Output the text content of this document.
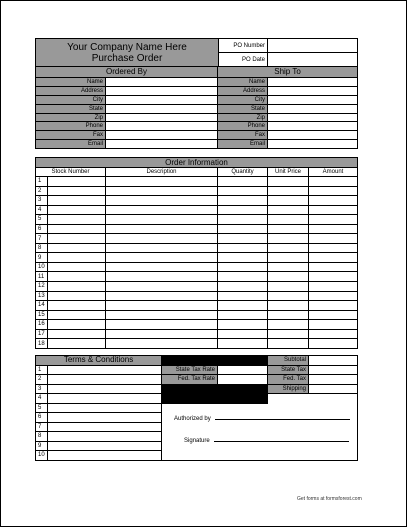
Your Company Name Here
Purchase Order	PO Number	
	PO Date	
Ordered By		Ship To	
Name		Name	
Address		Address	
City		City	
State		State	
Zip		Zip	
Phone		Phone	
Fax		Fax	
Email		Email	
Order Information					
Stock Number		Description	Quantity	Unit Price	Amount
1					
2					
3					
4					
5					
6					
7					
8					
9					
10					
11					
12					
13					
14					
15					
16					
17					
18					
Terms & Conditions				Subtotal		
1		State Tax Rate		State Tax		
2		Fed. Tax Rate		Fed. Tax		
3				Shipping		
4				
5		Authorized by				
6						
7						
8		Signature				
9						
10						
Get forms at formsforest.com
